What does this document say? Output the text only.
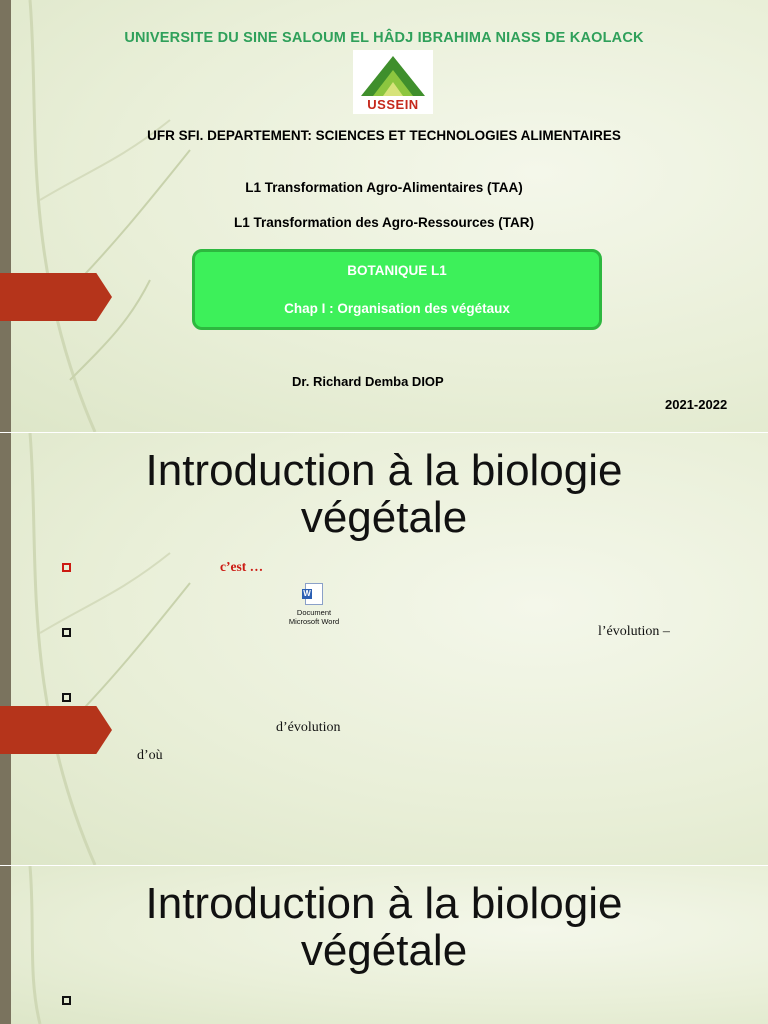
UNIVERSITE DU SINE SALOUM EL HÂDJ IBRAHIMA NIASS DE KAOLACK
USSEIN
UFR SFI. DEPARTEMENT: SCIENCES ET TECHNOLOGIES ALIMENTAIRES
L1 Transformation Agro-Alimentaires (TAA)
L1 Transformation des Agro-Ressources (TAR)
BOTANIQUE L1
Chap I : Organisation des végétaux
Dr. Richard Demba DIOP
2021-2022
Introduction à la biologie
végétale
c’est …
l’évolution –
d’évolution
d’où
W
Document
Microsoft Word
Introduction à la biologie
végétale
